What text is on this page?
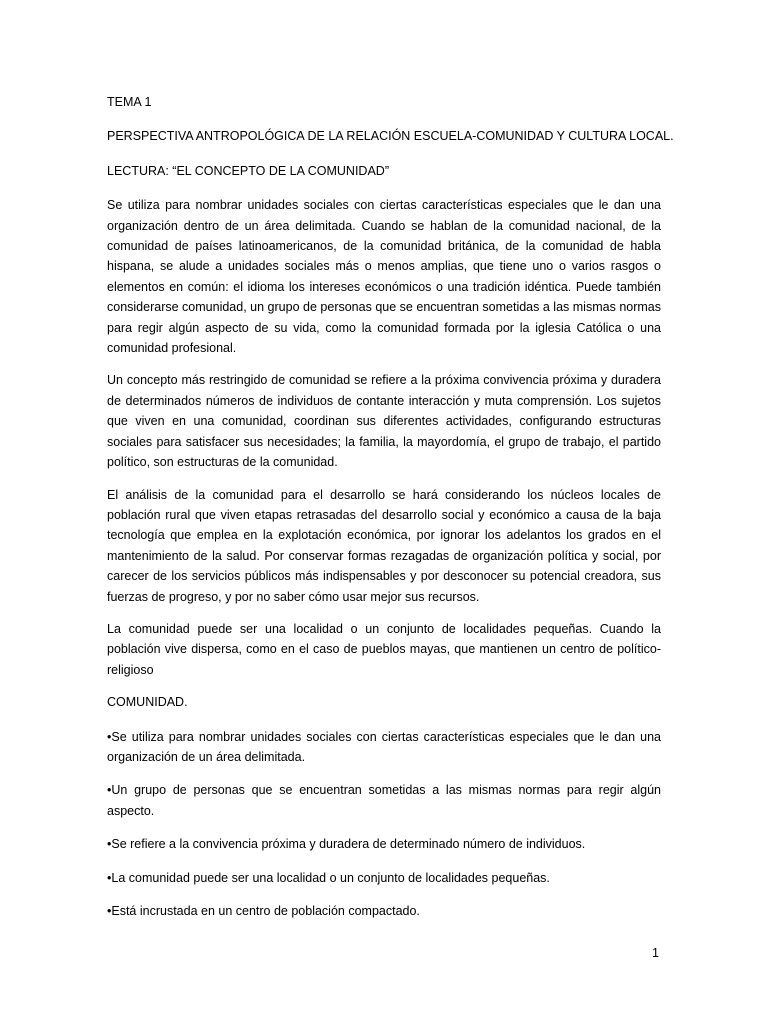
TEMA 1

PERSPECTIVA ANTROPOLÓGICA DE LA RELACIÓN ESCUELA-COMUNIDAD Y CULTURA LOCAL.

LECTURA: “EL CONCEPTO DE LA COMUNIDAD”

Se utiliza para nombrar unidades sociales con ciertas características especiales que le dan una organización dentro de un área delimitada. Cuando se hablan de la comunidad nacional, de la comunidad de países latinoamericanos, de la comunidad británica, de la comunidad de habla hispana, se alude a unidades sociales más o menos amplias, que tiene uno o varios rasgos o elementos en común: el idioma los intereses económicos o una tradición idéntica. Puede también considerarse comunidad, un grupo de personas que se encuentran sometidas a las mismas normas para regir algún aspecto de su vida, como la comunidad formada por la iglesia Católica o una comunidad profesional.

Un concepto más restringido de comunidad se refiere a la próxima convivencia próxima y duradera de determinados números de individuos de contante interacción y muta comprensión. Los sujetos que viven en una comunidad, coordinan sus diferentes actividades, configurando estructuras sociales para satisfacer sus necesidades; la familia, la mayordomía, el grupo de trabajo, el partido político, son estructuras de la comunidad.

El análisis de la comunidad para el desarrollo se hará considerando los núcleos locales de población rural que viven etapas retrasadas del desarrollo social y económico a causa de la baja tecnología que emplea en la explotación económica, por ignorar los adelantos los grados en el mantenimiento de la salud. Por conservar formas rezagadas de organización política y social, por carecer de los servicios públicos más indispensables y por desconocer su potencial creadora, sus fuerzas de progreso, y por no saber cómo usar mejor sus recursos.

La comunidad puede ser una localidad o un conjunto de localidades pequeñas. Cuando la población vive dispersa, como en el caso de pueblos mayas, que mantienen un centro de político-religioso

COMUNIDAD.

•Se utiliza para nombrar unidades sociales con ciertas características especiales que le dan una organización de un área delimitada.

•Un grupo de personas que se encuentran sometidas a las mismas normas para regir algún aspecto.

•Se refiere a la convivencia próxima y duradera de determinado número de individuos.

•La comunidad puede ser una localidad o un conjunto de localidades pequeñas.

•Está incrustada en un centro de población compactado.

1
